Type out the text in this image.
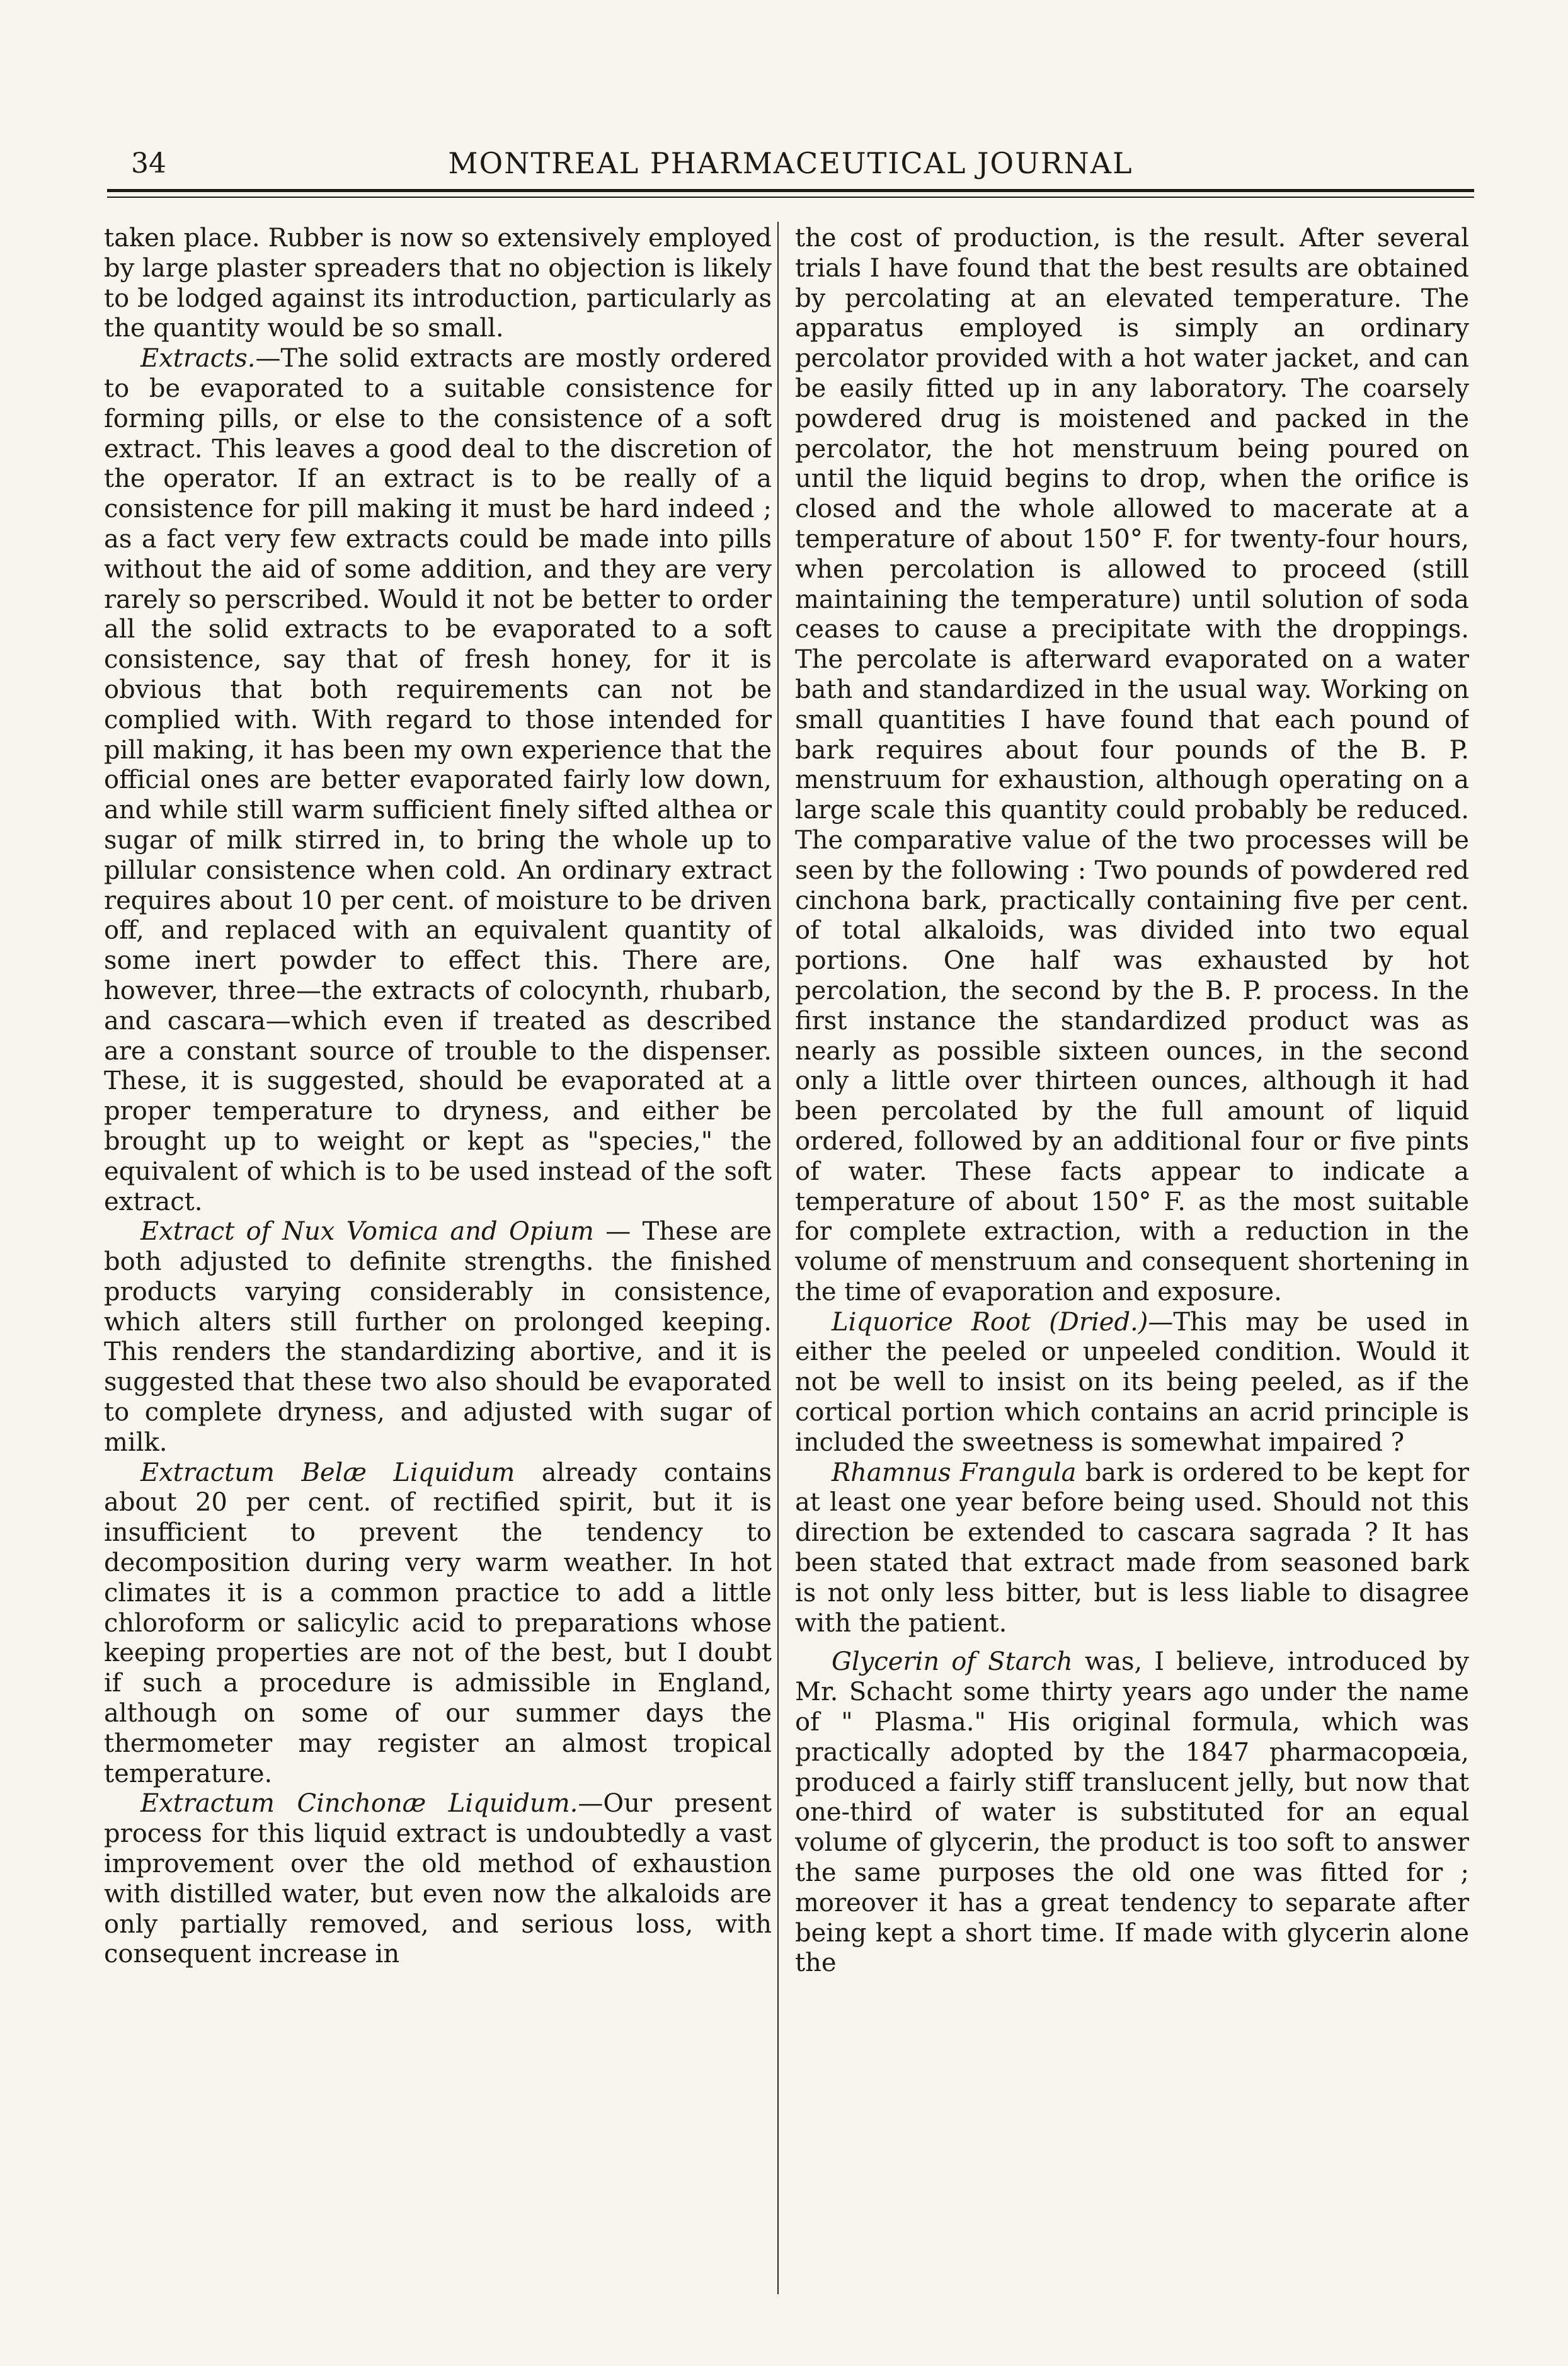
34	MONTREAL PHARMACEUTICAL JOURNAL

taken place. Rubber is now so extensively employed by large plaster spreaders that no objection is likely to be lodged against its introduction, particularly as the quantity would be so small.

Extracts.—The solid extracts are mostly ordered to be evaporated to a suitable consistence for forming pills, or else to the consistence of a soft extract. This leaves a good deal to the discretion of the operator. If an extract is to be really of a consistence for pill making it must be hard indeed ; as a fact very few extracts could be made into pills without the aid of some addition, and they are very rarely so perscribed. Would it not be better to order all the solid extracts to be evaporated to a soft consistence, say that of fresh honey, for it is obvious that both requirements can not be complied with. With regard to those intended for pill making, it has been my own experience that the official ones are better evaporated fairly low down, and while still warm sufficient finely sifted althea or sugar of milk stirred in, to bring the whole up to pillular consistence when cold. An ordinary extract requires about 10 per cent. of moisture to be driven off, and replaced with an equivalent quantity of some inert powder to effect this. There are, however, three—the extracts of colocynth, rhubarb, and cascara—which even if treated as described are a constant source of trouble to the dispenser. These, it is suggested, should be evaporated at a proper temperature to dryness, and either be brought up to weight or kept as "species," the equivalent of which is to be used instead of the soft extract.

Extract of Nux Vomica and Opium — These are both adjusted to definite strengths. the finished products varying considerably in consistence, which alters still further on prolonged keeping. This renders the standardizing abortive, and it is suggested that these two also should be evaporated to complete dryness, and adjusted with sugar of milk.

Extractum Belæ Liquidum already contains about 20 per cent. of rectified spirit, but it is insufficient to prevent the tendency to decomposition during very warm weather. In hot climates it is a common practice to add a little chloroform or salicylic acid to preparations whose keeping properties are not of the best, but I doubt if such a procedure is admissible in England, although on some of our summer days the thermometer may register an almost tropical temperature.

Extractum Cinchonæ Liquidum.—Our present process for this liquid extract is undoubtedly a vast improvement over the old method of exhaustion with distilled water, but even now the alkaloids are only partially removed, and serious loss, with consequent increase in

the cost of production, is the result. After several trials I have found that the best results are obtained by percolating at an elevated temperature. The apparatus employed is simply an ordinary percolator provided with a hot water jacket, and can be easily fitted up in any laboratory. The coarsely powdered drug is moistened and packed in the percolator, the hot menstruum being poured on until the liquid begins to drop, when the orifice is closed and the whole allowed to macerate at a temperature of about 150° F. for twenty-four hours, when percolation is allowed to proceed (still maintaining the temperature) until solution of soda ceases to cause a precipitate with the droppings. The percolate is afterward evaporated on a water bath and standardized in the usual way. Working on small quantities I have found that each pound of bark requires about four pounds of the B. P. menstruum for exhaustion, although operating on a large scale this quantity could probably be reduced. The comparative value of the two processes will be seen by the following : Two pounds of powdered red cinchona bark, practically containing five per cent. of total alkaloids, was divided into two equal portions. One half was exhausted by hot percolation, the second by the B. P. process. In the first instance the standardized product was as nearly as possible sixteen ounces, in the second only a little over thirteen ounces, although it had been percolated by the full amount of liquid ordered, followed by an additional four or five pints of water. These facts appear to indicate a temperature of about 150° F. as the most suitable for complete extraction, with a reduction in the volume of menstruum and consequent shortening in the time of evaporation and exposure.

Liquorice Root (Dried.)—This may be used in either the peeled or unpeeled condition. Would it not be well to insist on its being peeled, as if the cortical portion which contains an acrid principle is included the sweetness is somewhat impaired ?

Rhamnus Frangula bark is ordered to be kept for at least one year before being used. Should not this direction be extended to cascara sagrada ? It has been stated that extract made from seasoned bark is not only less bitter, but is less liable to disagree with the patient.

Glycerin of Starch was, I believe, introduced by Mr. Schacht some thirty years ago under the name of " Plasma." His original formula, which was practically adopted by the 1847 pharmacopœia, produced a fairly stiff translucent jelly, but now that one-third of water is substituted for an equal volume of glycerin, the product is too soft to answer the same purposes the old one was fitted for ; moreover it has a great tendency to separate after being kept a short time. If made with glycerin alone the
